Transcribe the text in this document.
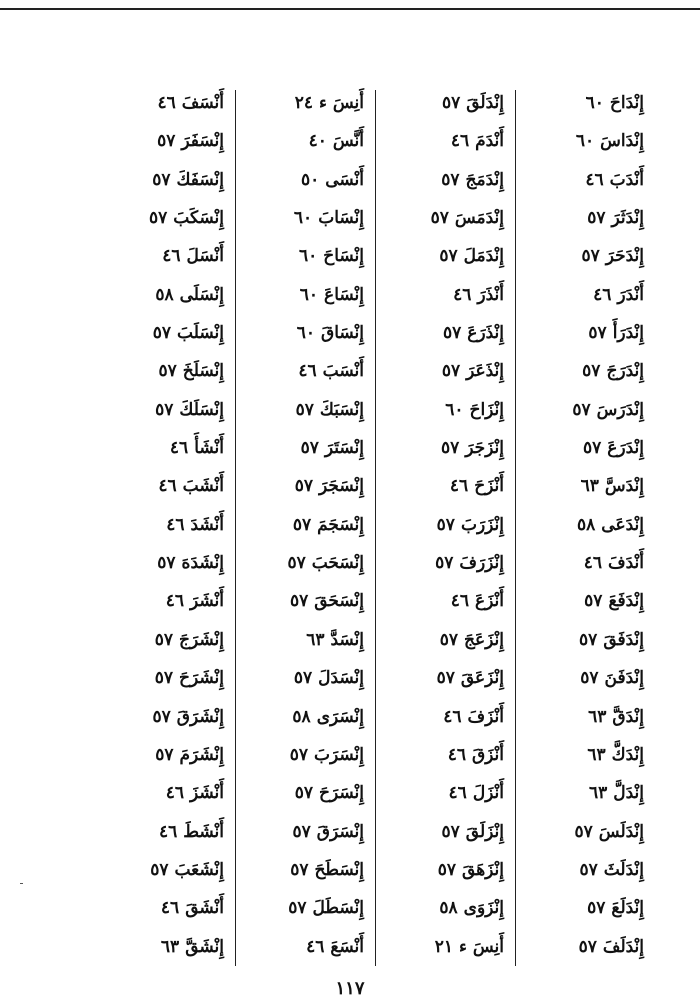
إِنْدَاحَ٦٠
إِنْدَاسَ٦٠
أَنْدَبَ٤٦
إِنْدَثَرَ٥٧
إِنْدَحَرَ٥٧
أَنْدَرَ٤٦
إِنْدَرَأَ٥٧
إِنْدَرَجَ٥٧
إِنْدَرَسَ٥٧
إِنْدَرَعَ٥٧
إِنْدَسَّ٦٣
إِنْدَعَى٥٨
أَنْدَفَ٤٦
إِنْدَفَعَ٥٧
إِنْدَفَقَ٥٧
إِنْدَفَنَ٥٧
إِنْدَقَّ٦٣
إِنْدَكَّ٦٣
إِنْدَلَّ٦٣
إِنْدَلَسَ٥٧
إِنْدَلَثَ٥٧
إِنْدَلَعَ٥٧
إِنْدَلَفَ٥٧
إِنْدَلَقَ٥٧
أَنْدَمَ٤٦
إِنْدَمَجَ٥٧
إِنْدَمَسَ٥٧
إِنْدَمَلَ٥٧
أَنْذَرَ٤٦
إِنْذَرَعَ٥٧
إِنْذَعَرَ٥٧
إِنْزَاحَ٦٠
إِنْزَجَرَ٥٧
أَنْزَحَ٤٦
إِنْزَرَبَ٥٧
إِنْزَرَفَ٥٧
أَنْزَعَ٤٦
إِنْزَعَجَ٥٧
إِنْزَعَقَ٥٧
أَنْزَفَ٤٦
أَنْزَقَ٤٦
أَنْزَلَ٤٦
إِنْزَلَقَ٥٧
إِنْزَهَقَ٥٧
إِنْزَوَى٥٨
أَنِسَ ء٢١
أَنِسَ ء٢٤
أَنَّسَ٤٠
أَنْسَى٥٠
إِنْسَابَ٦٠
إِنْسَاحَ٦٠
إِنْسَاعَ٦٠
إِنْسَاقَ٦٠
أَنْسَبَ٤٦
إِنْسَبَكَ٥٧
إِنْسَتَرَ٥٧
إِنْسَجَرَ٥٧
إِنْسَجَمَ٥٧
إِنْسَحَبَ٥٧
إِنْسَحَقَ٥٧
إِنْسَدَّ٦٣
إِنْسَدَلَ٥٧
إِنْسَرَى٥٨
إِنْسَرَبَ٥٧
إِنْسَرَحَ٥٧
إِنْسَرَقَ٥٧
إِنْسَطَحَ٥٧
إِنْسَطَلَ٥٧
أَنْسَعَ٤٦
أَنْسَفَ٤٦
إِنْسَفَرَ٥٧
إِنْسَفَكَ٥٧
إِنْسَكَبَ٥٧
أَنْسَلَ٤٦
إِنْسَلَى٥٨
إِنْسَلَبَ٥٧
إِنْسَلَخَ٥٧
إِنْسَلَكَ٥٧
أَنْشَأَ٤٦
أَنْشَبَ٤٦
أَنْشَدَ٤٦
إِنْشَدَهَ٥٧
أَنْشَرَ٤٦
إِنْشَرَجَ٥٧
إِنْشَرَحَ٥٧
إِنْشَرَقَ٥٧
إِنْشَرَمَ٥٧
أَنْشَزَ٤٦
أَنْشَطَ٤٦
إِنْشَعَبَ٥٧
أَنْشَقَ٤٦
إِنْشَقَّ٦٣
١١٧
